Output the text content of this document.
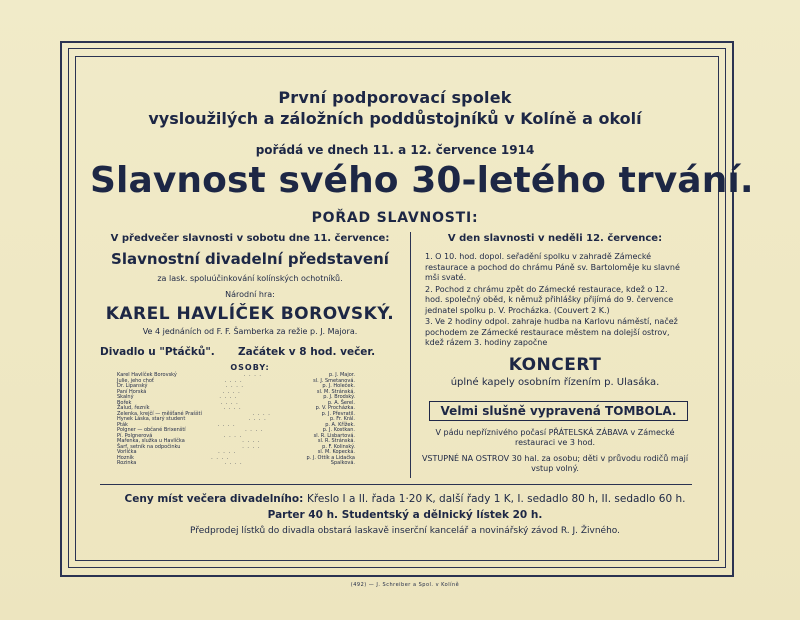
První podporovací spolek
vysloužilých a záložních poddůstojníků v Kolíně a okolí
pořádá ve dnech 11. a 12. července 1914
Slavnost svého 30-letého trvání.
POŘAD SLAVNOSTI:
V předvečer slavnosti v sobotu dne 11. července:
Slavnostní divadelní představení
za lask. spoluúčinkování kolínských ochotníků.
Národní hra:
KAREL HAVLÍČEK BOROVSKÝ.
Ve 4 jednáních od F. F. Šamberka za režie p. J. Majora.
Divadlo u "Ptáčků". Začátek v 8 hod. večer.
OSOBY:
Karel Havlíček Borovský	. . . .	p. J. Major.
Julie, jeho choť	. . . .	sl. J. Smetanová.
Dr. Lipanský	. . . .	p. J. Holeček.
Paní Horská	. . . .	sl. M. Stránská.
Skalný	. . . .	p. J. Brodský.
Bořek	. . . .	p. A. Šerel.
Žalud, řezník	. . . .	p. V. Procházka.
Zelenka, krejčí — měšťané Prašští	. . . .	p. J. Převratil.
Hynek Láska, starý student	. . . .	p. Fr. Král.
Pták	. . . .	p. A. Křížek.
Polgner — občané Brixenští	. . . .	p. J. Kostkan.
Pí. Polgnerová	. . . .	sl. R. Lisbartová.
Mařenka, služka u Havlíčka	. . . .	sl. R. Stránská.
Šarf, setník na odpočinku	. . . .	p. F. Kolinský.
Vorlíčka	. . . .	sl. M. Kopecká.
Hozník	. . . .	p. J. Ottík a Lidačka
Rozinka	. . . .	Spalková.
V den slavnosti v neděli 12. července:

1. O 10. hod. dopol. seřadění spolku v zahradě Zámecké restaurace a pochod do chrámu Páně sv. Bartoloměje ku slavné mši svaté.

2. Pochod z chrámu zpět do Zámecké restaurace, kdež o 12. hod. společný oběd, k němuž přihlášky přijímá do 9. července jednatel spolku p. V. Procházka. (Couvert 2 K.)

3. Ve 2 hodiny odpol. zahraje hudba na Karlovu náměstí, načež pochodem ze Zámecké restaurace městem na dolejší ostrov, kdež rázem 3. hodiny započne

KONCERT
úplné kapely osobním řízením p. Ulasáka.
Velmi slušně vypravená TOMBOLA.
V pádu nepříznivého počasí PŘÁTELSKÁ ZÁBAVA v Zámecké restauraci ve 3 hod.
VSTUPNÉ NA OSTROV 30 hal. za osobu; děti v průvodu rodičů mají vstup volný.
Ceny míst večera divadelního: Křeslo I a II. řada 1·20 K, další řady 1 K, I. sedadlo 80 h, II. sedadlo 60 h.
Parter 40 h. Studentský a dělnický lístek 20 h.
Předprodej lístků do divadla obstará laskavě inserční kancelář a novinářský závod R. J. Živného.
(492) — J. Schreiber a Spol. v Kolíně
